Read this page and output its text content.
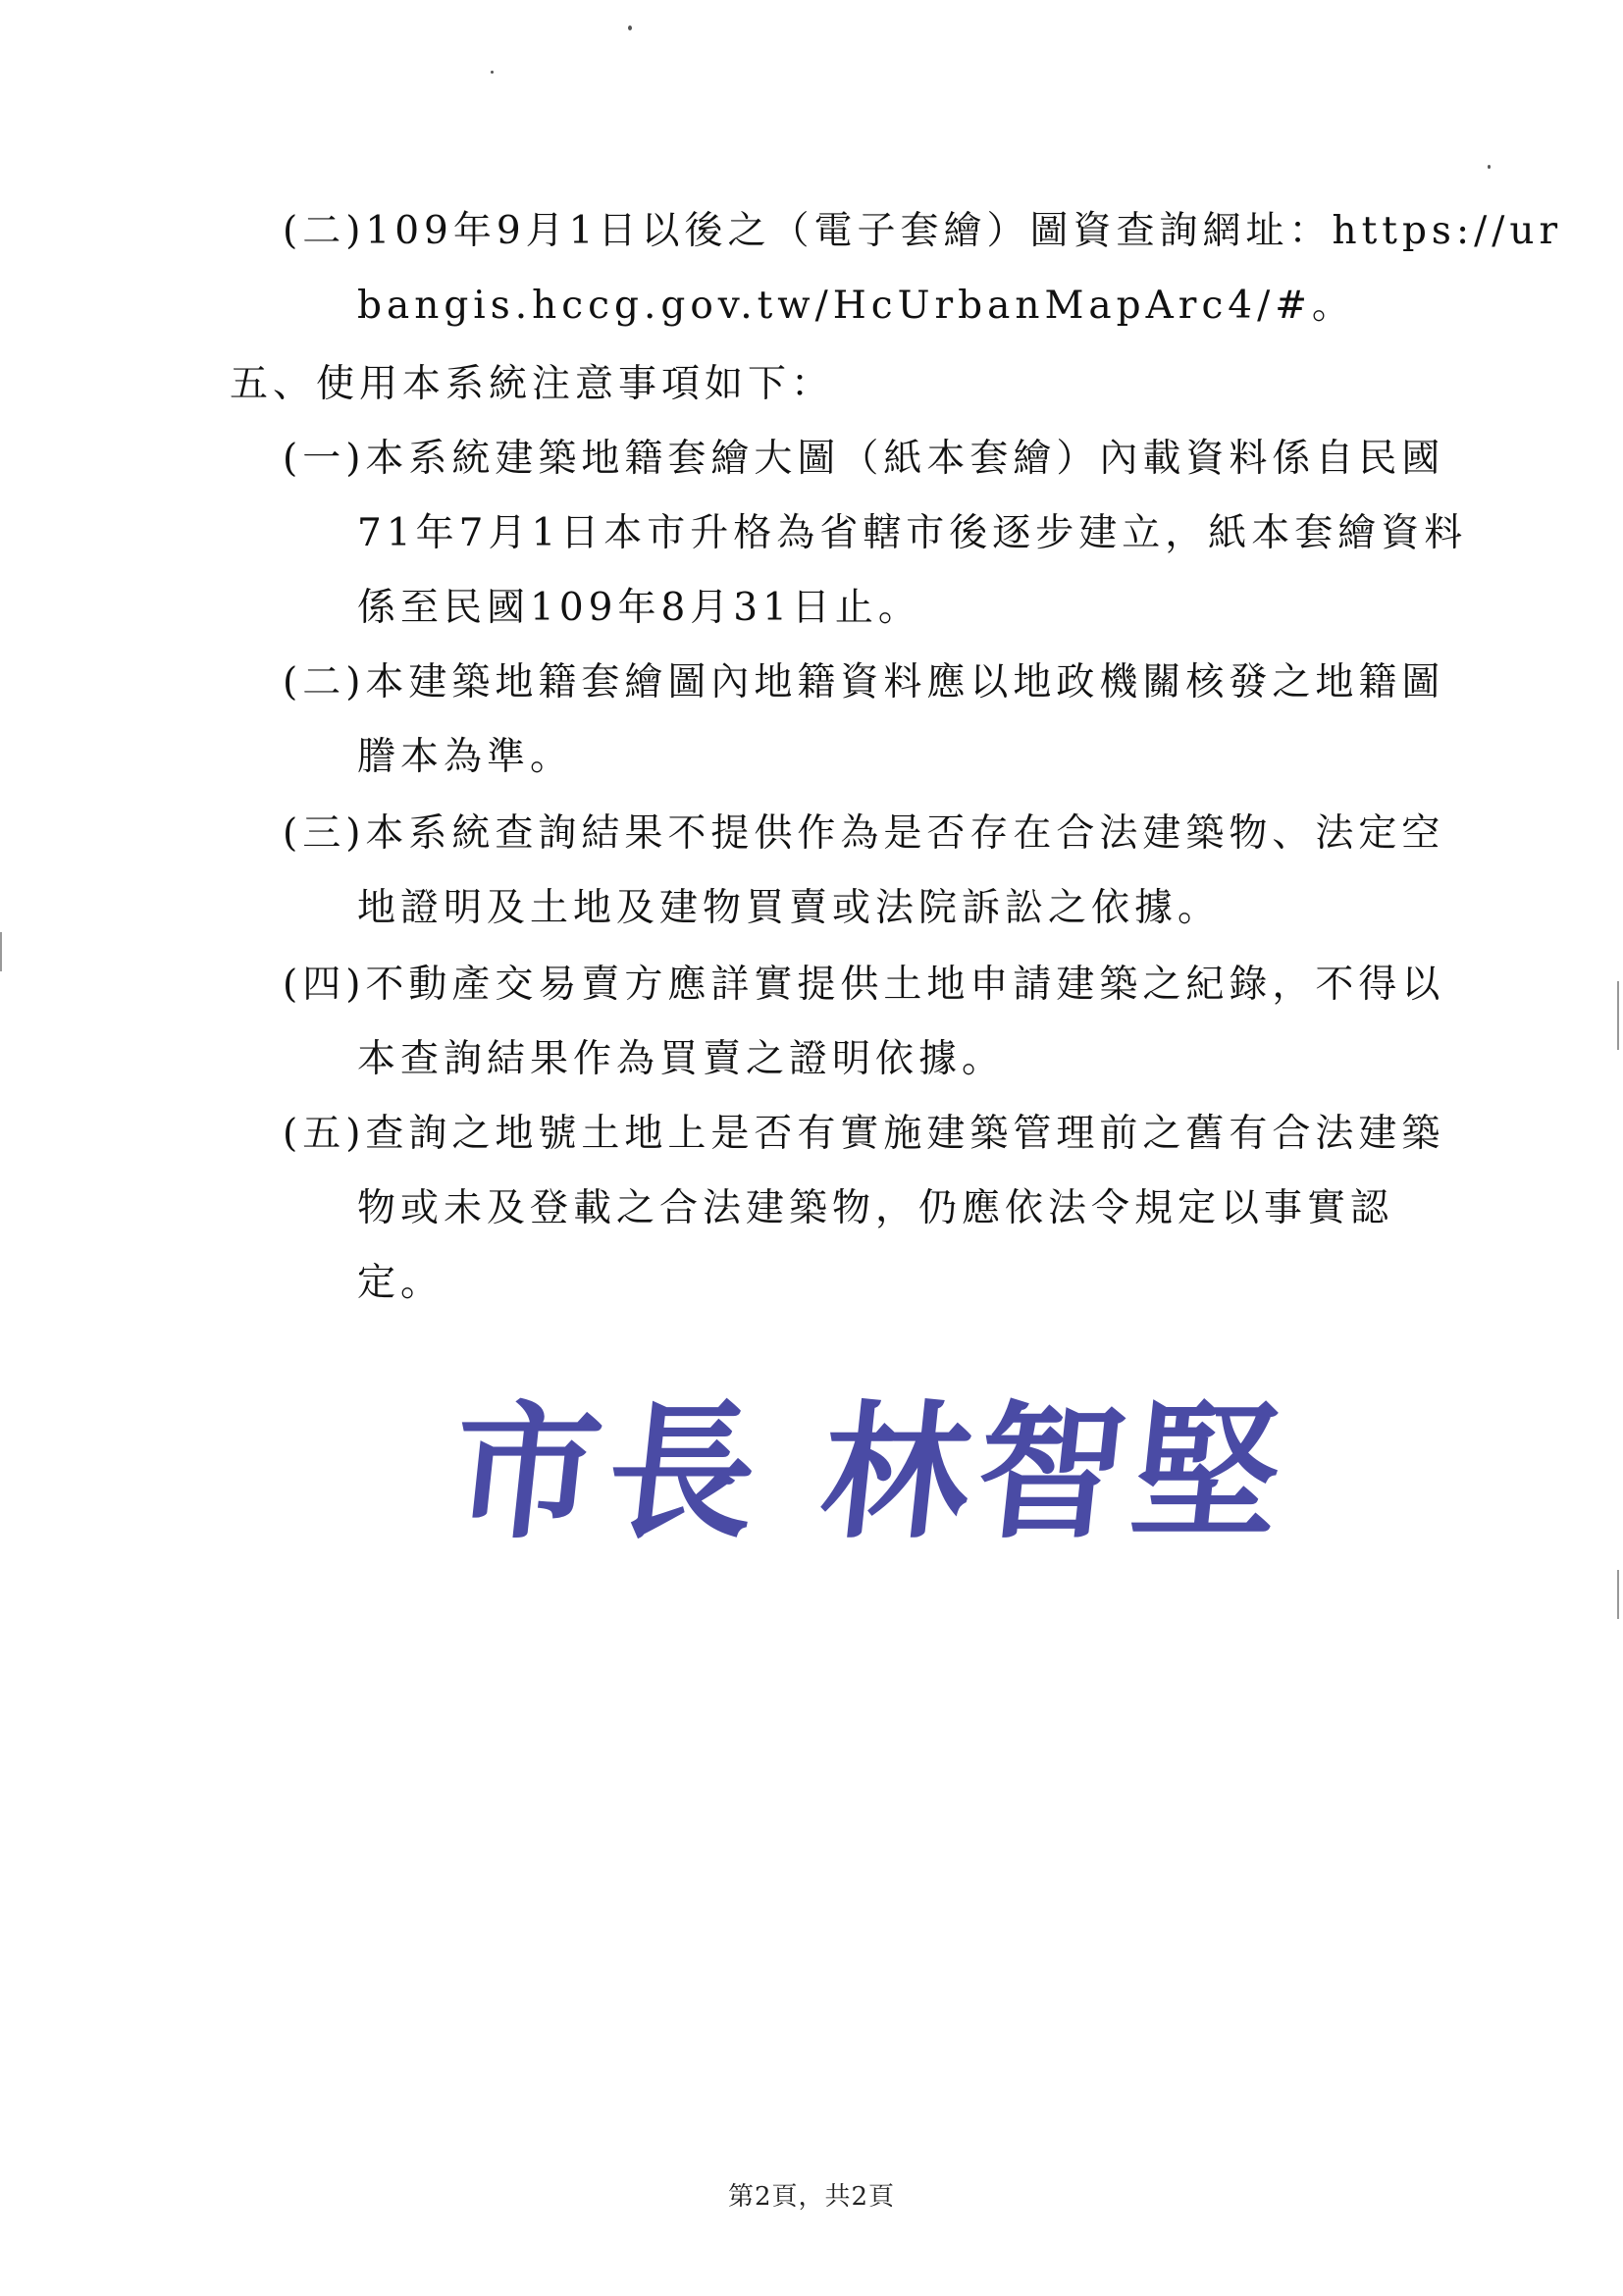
(二)109年9月1日以後之（電子套繪）圖資查詢網址：https://ur
bangis.hccg.gov.tw/HcUrbanMapArc4/#。
五、使用本系統注意事項如下：
(一)本系統建築地籍套繪大圖（紙本套繪）內載資料係自民國
71年7月1日本市升格為省轄市後逐步建立，紙本套繪資料
係至民國109年8月31日止。
(二)本建築地籍套繪圖內地籍資料應以地政機關核發之地籍圖
謄本為準。
(三)本系統查詢結果不提供作為是否存在合法建築物、法定空
地證明及土地及建物買賣或法院訴訟之依據。
(四)不動產交易賣方應詳實提供土地申請建築之紀錄，不得以
本查詢結果作為買賣之證明依據。
(五)查詢之地號土地上是否有實施建築管理前之舊有合法建築
物或未及登載之合法建築物，仍應依法令規定以事實認
定。
市長 林智堅
第2頁，共2頁
